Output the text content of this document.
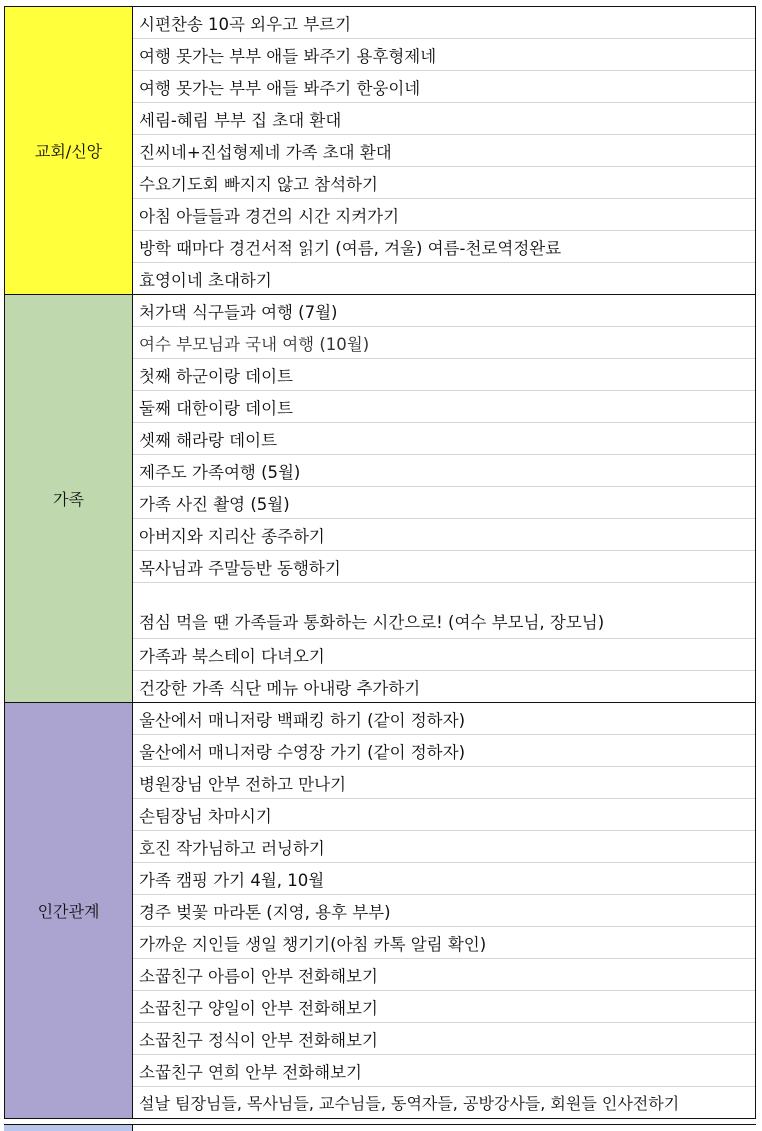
교회/신앙
시편찬송 10곡 외우고 부르기
여행 못가는 부부 애들 봐주기 용후형제네
여행 못가는 부부 애들 봐주기 한웅이네
세림-혜림 부부 집 초대 환대
진씨네+진섭형제네 가족 초대 환대
수요기도회 빠지지 않고 참석하기
아침 아들들과 경건의 시간 지켜가기
방학 때마다 경건서적 읽기 (여름, 겨울) 여름-천로역정완료
효영이네 초대하기
가족
처가댁 식구들과 여행 (7월)
여수 부모님과 국내 여행 (10월)
첫째 하군이랑 데이트
둘째 대한이랑 데이트
셋째 해라랑 데이트
제주도 가족여행 (5월)
가족 사진 촬영 (5월)
아버지와 지리산 종주하기
목사님과 주말등반 동행하기
점심 먹을 땐 가족들과 통화하는 시간으로! (여수 부모님, 장모님)
가족과 북스테이 다녀오기
건강한 가족 식단 메뉴 아내랑 추가하기
인간관계
울산에서 매니저랑 백패킹 하기 (같이 정하자)
울산에서 매니저랑 수영장 가기 (같이 정하자)
병원장님 안부 전하고 만나기
손팀장님 차마시기
호진 작가님하고 러닝하기
가족 캠핑 가기 4월, 10월
경주 벚꽃 마라톤 (지영, 용후 부부)
가까운 지인들 생일 챙기기(아침 카톡 알림 확인)
소꿉친구 아름이 안부 전화해보기
소꿉친구 양일이 안부 전화해보기
소꿉친구 정식이 안부 전화해보기
소꿉친구 연희 안부 전화해보기
설날 팀장님들, 목사님들, 교수님들, 동역자들, 공방강사들, 회원들 인사전하기
